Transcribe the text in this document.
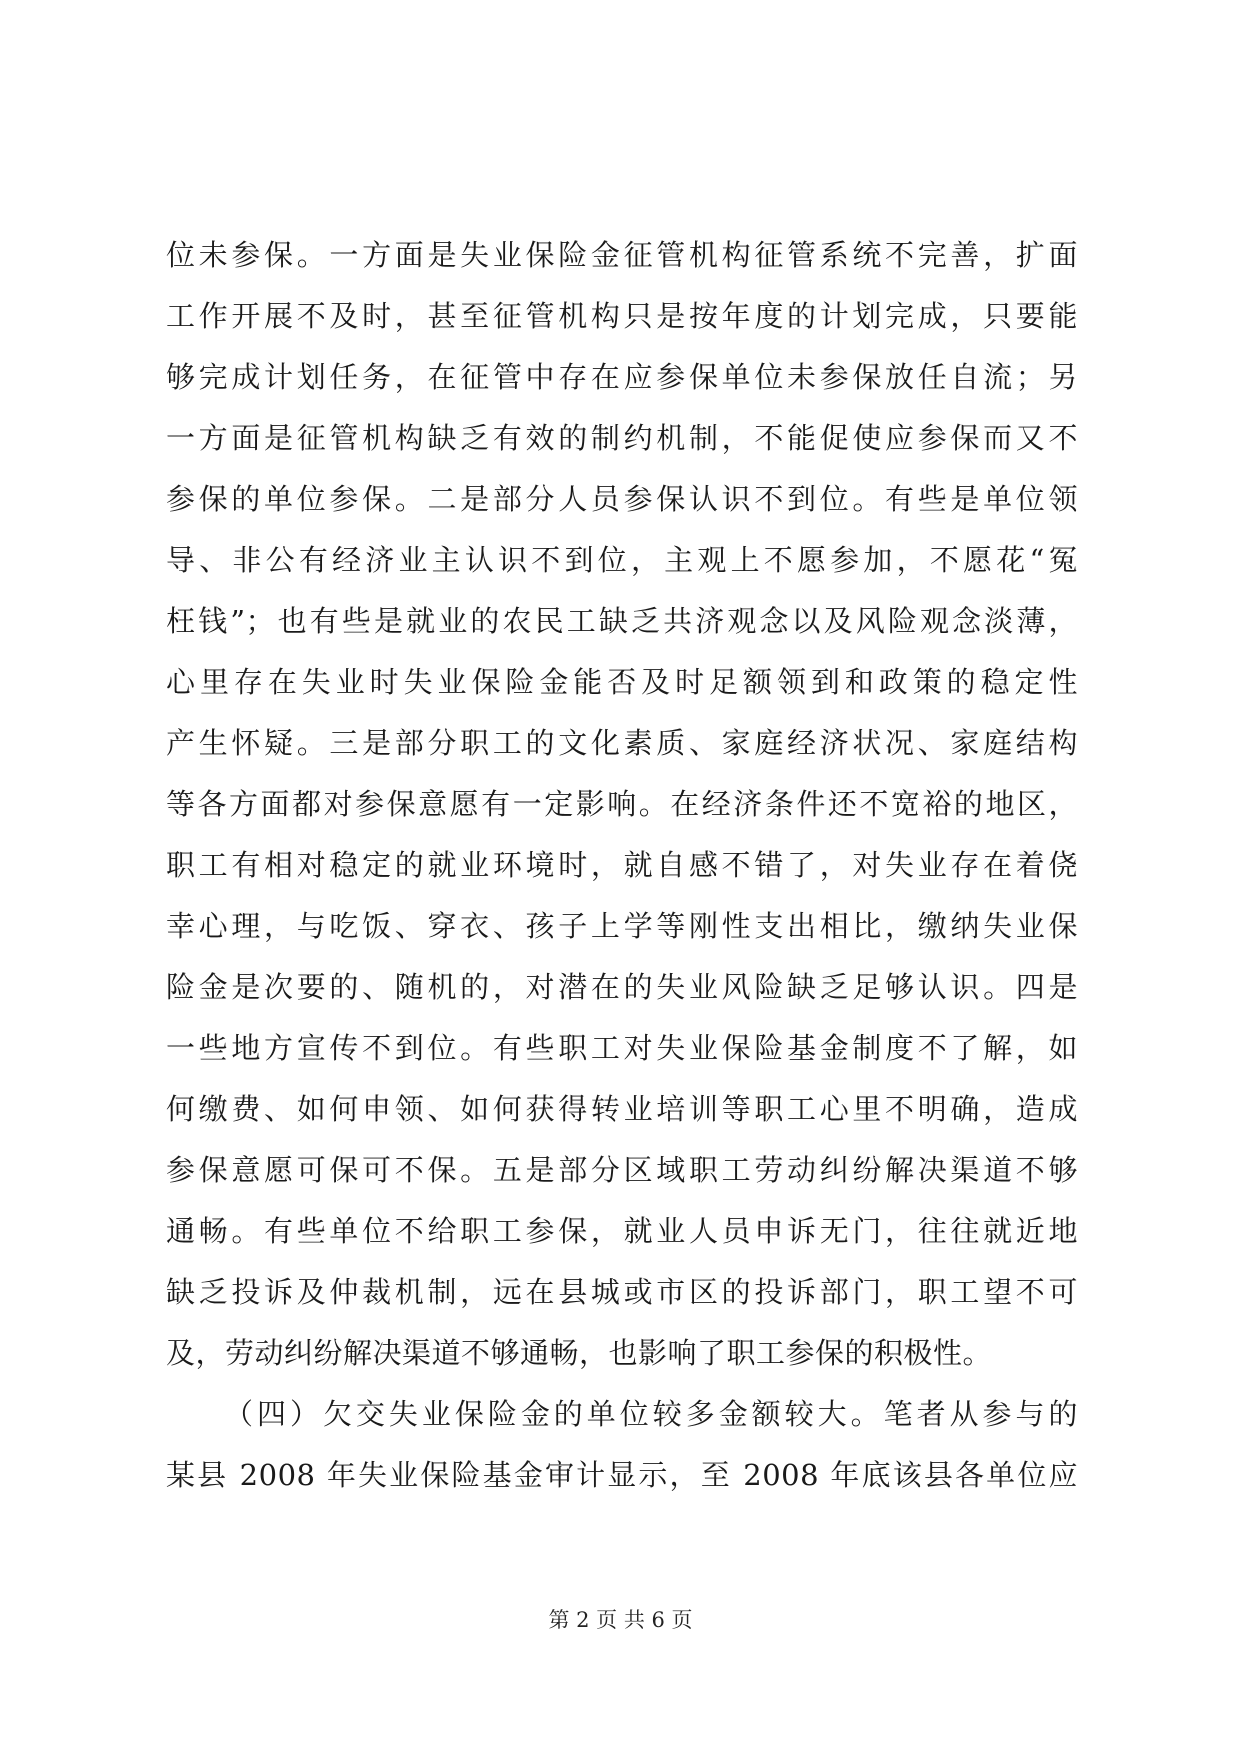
位未参保。一方面是失业保险金征管机构征管系统不完善，扩面
工作开展不及时，甚至征管机构只是按年度的计划完成，只要能
够完成计划任务，在征管中存在应参保单位未参保放任自流；另
一方面是征管机构缺乏有效的制约机制，不能促使应参保而又不
参保的单位参保。二是部分人员参保认识不到位。有些是单位领
导、非公有经济业主认识不到位，主观上不愿参加，不愿花“冤
枉钱”；也有些是就业的农民工缺乏共济观念以及风险观念淡薄，
心里存在失业时失业保险金能否及时足额领到和政策的稳定性
产生怀疑。三是部分职工的文化素质、家庭经济状况、家庭结构
等各方面都对参保意愿有一定影响。在经济条件还不宽裕的地区，
职工有相对稳定的就业环境时，就自感不错了，对失业存在着侥
幸心理，与吃饭、穿衣、孩子上学等刚性支出相比，缴纳失业保
险金是次要的、随机的，对潜在的失业风险缺乏足够认识。四是
一些地方宣传不到位。有些职工对失业保险基金制度不了解，如
何缴费、如何申领、如何获得转业培训等职工心里不明确，造成
参保意愿可保可不保。五是部分区域职工劳动纠纷解决渠道不够
通畅。有些单位不给职工参保，就业人员申诉无门，往往就近地
缺乏投诉及仲裁机制，远在县城或市区的投诉部门，职工望不可
及，劳动纠纷解决渠道不够通畅，也影响了职工参保的积极性。
（四）欠交失业保险金的单位较多金额较大。笔者从参与的
某县 2008 年失业保险基金审计显示，至 2008 年底该县各单位应
第 2 页 共 6 页
